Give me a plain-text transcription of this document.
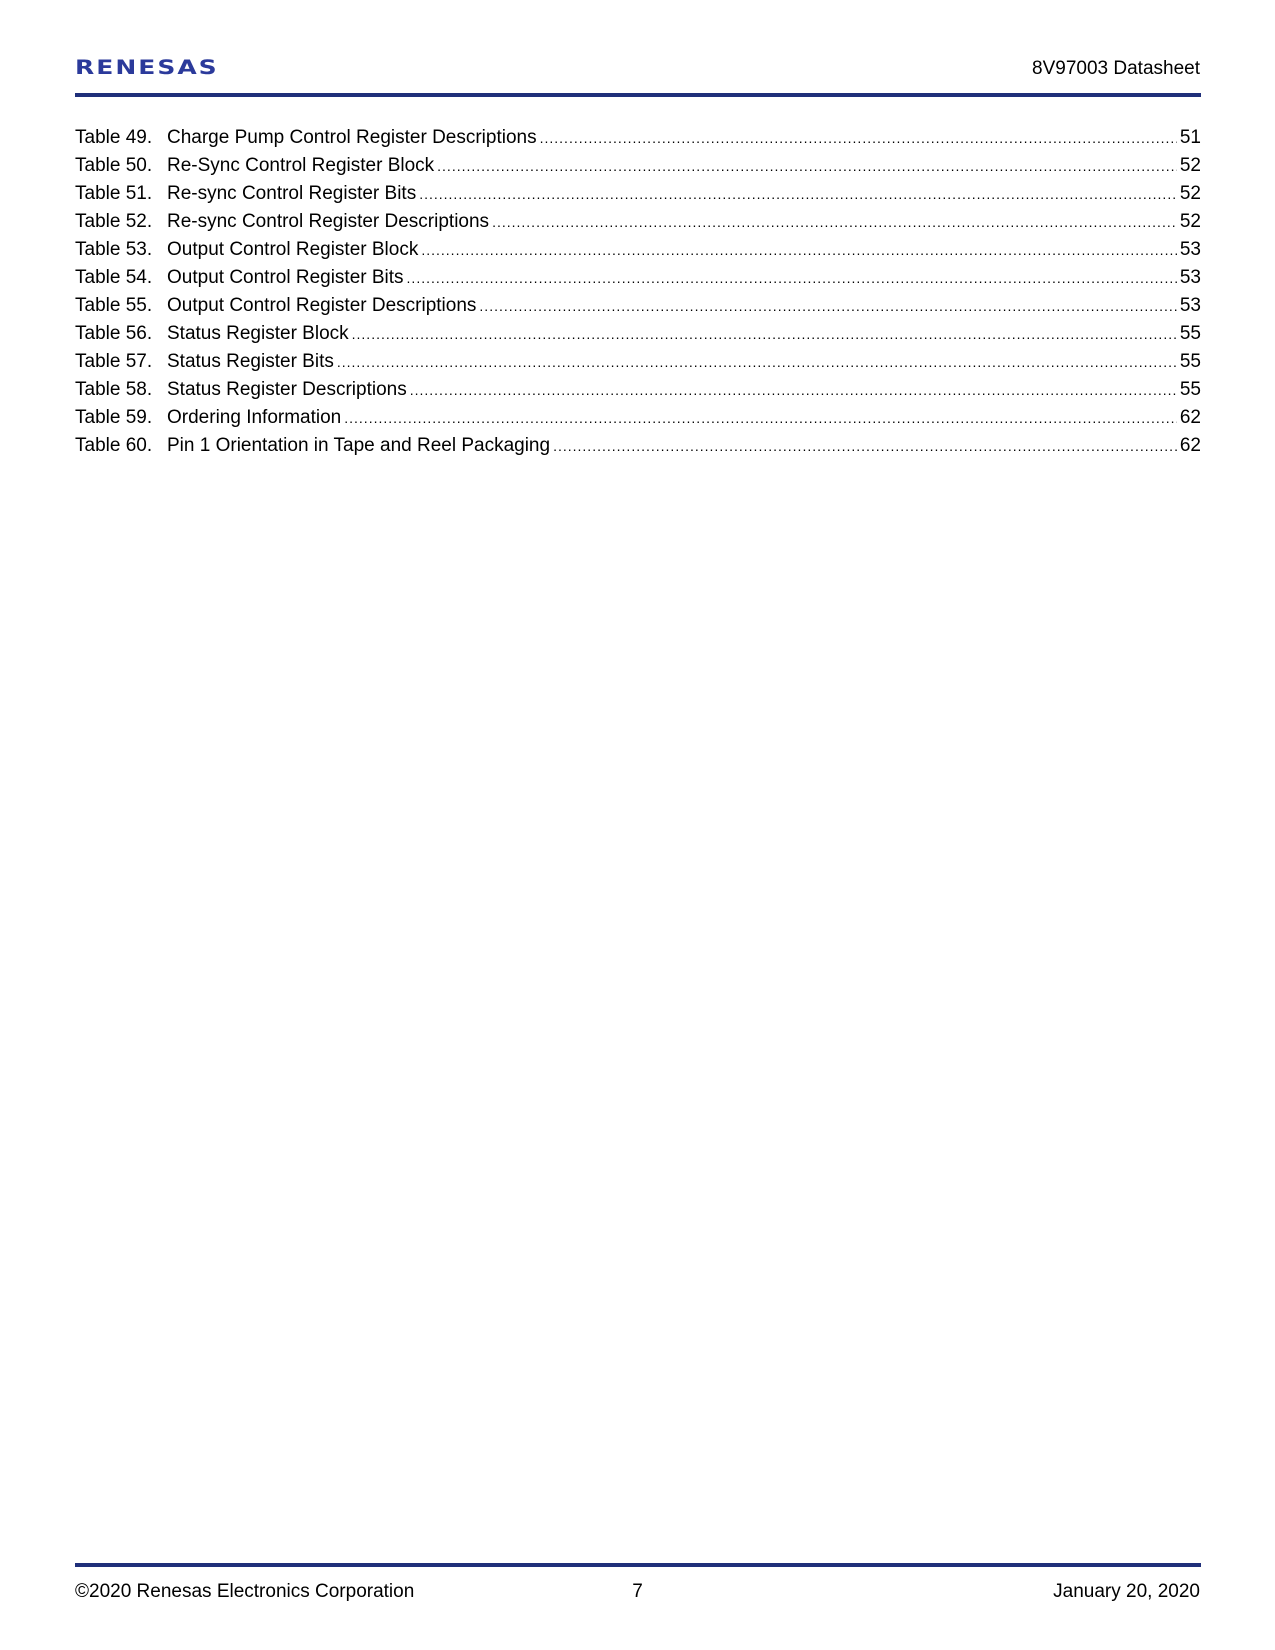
RENESAS	8V97003 Datasheet
Table 49. Charge Pump Control Register Descriptions .....	51
Table 50. Re-Sync Control Register Block .....	52
Table 51. Re-sync Control Register Bits .....	52
Table 52. Re-sync Control Register Descriptions .....	52
Table 53. Output Control Register Block .....	53
Table 54. Output Control Register Bits .....	53
Table 55. Output Control Register Descriptions .....	53
Table 56. Status Register Block .....	55
Table 57. Status Register Bits .....	55
Table 58. Status Register Descriptions .....	55
Table 59. Ordering Information .....	62
Table 60. Pin 1 Orientation in Tape and Reel Packaging .....	62
©2020 Renesas Electronics Corporation	7	January 20, 2020
